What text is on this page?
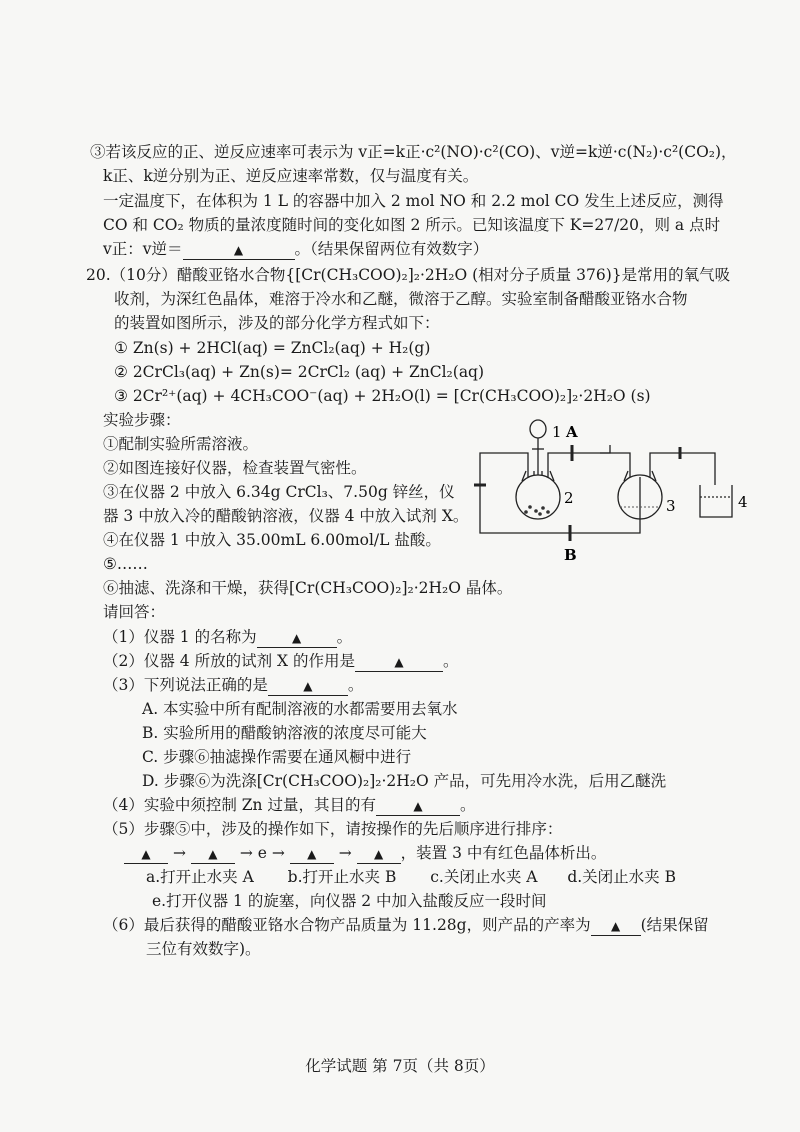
③若该反应的正、逆反应速率可表示为 v正=k正·c²(NO)·c²(CO)、v逆=k逆·c(N₂)·c²(CO₂)，
k正、k逆分别为正、逆反应速率常数，仅与温度有关。
一定温度下，在体积为 1 L 的容器中加入 2 mol NO 和 2.2 mol CO 发生上述反应，测得
CO 和 CO₂ 物质的量浓度随时间的变化如图 2 所示。已知该温度下 K=27/20，则 a 点时
v正：v逆＝	▲	。（结果保留两位有效数字）
20.（10分）醋酸亚铬水合物{[Cr(CH₃COO)₂]₂·2H₂O (相对分子质量 376)}是常用的氧气吸
收剂，为深红色晶体，难溶于冷水和乙醚，微溶于乙醇。实验室制备醋酸亚铬水合物
的装置如图所示，涉及的部分化学方程式如下：
① Zn(s) + 2HCl(aq) = ZnCl₂(aq) + H₂(g)
② 2CrCl₃(aq) + Zn(s)= 2CrCl₂ (aq) + ZnCl₂(aq)
③ 2Cr²⁺(aq) + 4CH₃COO⁻(aq) + 2H₂O(l) = [Cr(CH₃COO)₂]₂·2H₂O (s)
实验步骤：
①配制实验所需溶液。
②如图连接好仪器，检查装置气密性。
③在仪器 2 中放入 6.34g CrCl₃、7.50g 锌丝，仪
器 3 中放入冷的醋酸钠溶液，仪器 4 中放入试剂 X。
④在仪器 1 中放入 35.00mL 6.00mol/L 盐酸。
⑤……
⑥抽滤、洗涤和干燥，获得[Cr(CH₃COO)₂]₂·2H₂O 晶体。
请回答：
1
2	3	4
A
B
（1）仪器 1 的名称为	▲ 。
（2）仪器 4 所放的试剂 X 的作用是	▲	。
（3）下列说法正确的是	▲ 。
A. 本实验中所有配制溶液的水都需要用去氧水
B. 实验所用的醋酸钠溶液的浓度尽可能大
C. 步骤⑥抽滤操作需要在通风橱中进行
D. 步骤⑥为洗涤[Cr(CH₃COO)₂]₂·2H₂O 产品，可先用冷水洗，后用乙醚洗
（4）实验中须控制 Zn 过量，其目的有	▲ 。
（5）步骤⑤中，涉及的操作如下，请按操作的先后顺序进行排序：
▲ → ▲ → e → ▲ → ▲ ，装置 3 中有红色晶体析出。
a.打开止水夹 A b.打开止水夹 B c.关闭止水夹 A d.关闭止水夹 B
e.打开仪器 1 的旋塞，向仪器 2 中加入盐酸反应一段时间
（6）最后获得的醋酸亚铬水合物产品质量为 11.28g，则产品的产率为 ▲ (结果保留
三位有效数字)。
化学试题 第 7页（共 8页）
